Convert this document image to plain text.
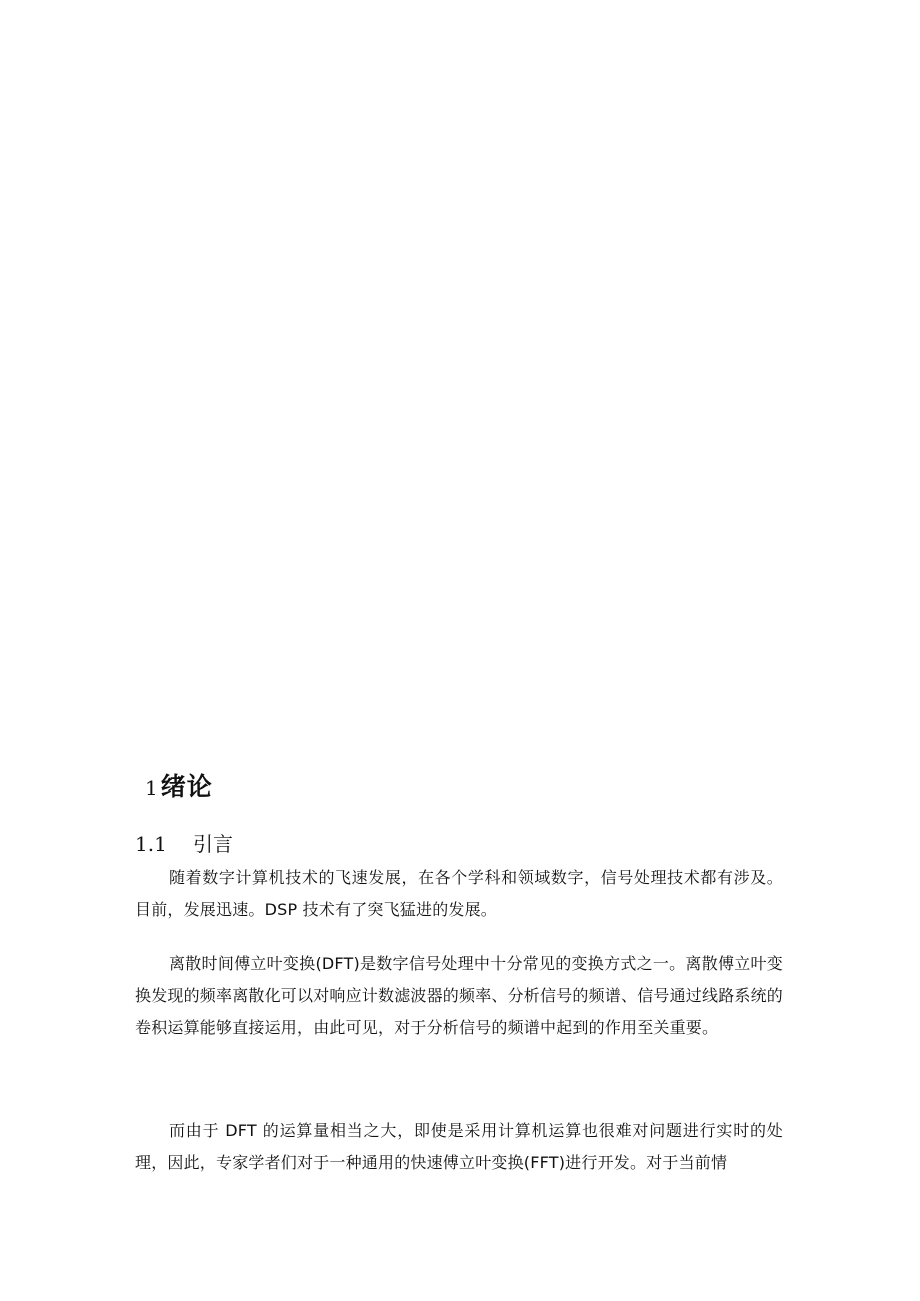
1绪论
1.1 引言

随着数字计算机技术的飞速发展，在各个学科和领域数字，信号处理技术都有涉及。目前，发展迅速。DSP 技术有了突飞猛进的发展。

离散时间傅立叶变换(DFT)是数字信号处理中十分常见的变换方式之一。离散傅立叶变换发现的频率离散化可以对响应计数滤波器的频率、分析信号的频谱、信号通过线路系统的卷积运算能够直接运用，由此可见，对于分析信号的频谱中起到的作用至关重要。

而由于 DFT 的运算量相当之大，即使是采用计算机运算也很难对问题进行实时的处理，因此，专家学者们对于一种通用的快速傅立叶变换(FFT)进行开发。对于当前情
